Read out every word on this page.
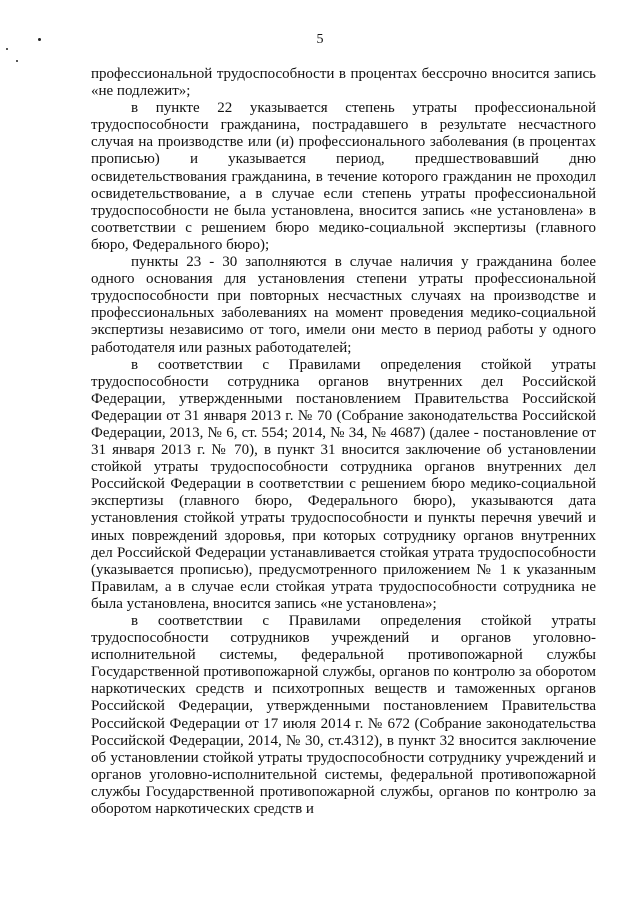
5

профессиональной трудоспособности в процентах бессрочно вносится запись «не подлежит»;

в пункте 22 указывается степень утраты профессиональной трудоспособности гражданина, пострадавшего в результате несчастного случая на производстве или (и) профессионального заболевания (в процентах прописью) и указывается период, предшествовавший дню освидетельствования гражданина, в течение которого гражданин не проходил освидетельствование, а в случае если степень утраты профессиональной трудоспособности не была установлена, вносится запись «не установлена» в соответствии с решением бюро медико-социальной экспертизы (главного бюро, Федерального бюро);

пункты 23 - 30 заполняются в случае наличия у гражданина более одного основания для установления степени утраты профессиональной трудоспособности при повторных несчастных случаях на производстве и профессиональных заболеваниях на момент проведения медико-социальной экспертизы независимо от того, имели они место в период работы у одного работодателя или разных работодателей;

в соответствии с Правилами определения стойкой утраты трудоспособности сотрудника органов внутренних дел Российской Федерации, утвержденными постановлением Правительства Российской Федерации от 31 января 2013 г. № 70 (Собрание законодательства Российской Федерации, 2013, № 6, ст. 554; 2014, № 34, № 4687) (далее - постановление от 31 января 2013 г. № 70), в пункт 31 вносится заключение об установлении стойкой утраты трудоспособности сотрудника органов внутренних дел Российской Федерации в соответствии с решением бюро медико-социальной экспертизы (главного бюро, Федерального бюро), указываются дата установления стойкой утраты трудоспособности и пункты перечня увечий и иных повреждений здоровья, при которых сотруднику органов внутренних дел Российской Федерации устанавливается стойкая утрата трудоспособности (указывается прописью), предусмотренного приложением № 1 к указанным Правилам, а в случае если стойкая утрата трудоспособности сотрудника не была установлена, вносится запись «не установлена»;

в соответствии с Правилами определения стойкой утраты трудоспособности сотрудников учреждений и органов уголовно-исполнительной системы, федеральной противопожарной службы Государственной противопожарной службы, органов по контролю за оборотом наркотических средств и психотропных веществ и таможенных органов Российской Федерации, утвержденными постановлением Правительства Российской Федерации от 17 июля 2014 г. № 672 (Собрание законодательства Российской Федерации, 2014, № 30, ст.4312), в пункт 32 вносится заключение об установлении стойкой утраты трудоспособности сотруднику учреждений и органов уголовно-исполнительной системы, федеральной противопожарной службы Государственной противопожарной службы, органов по контролю за оборотом наркотических средств и
